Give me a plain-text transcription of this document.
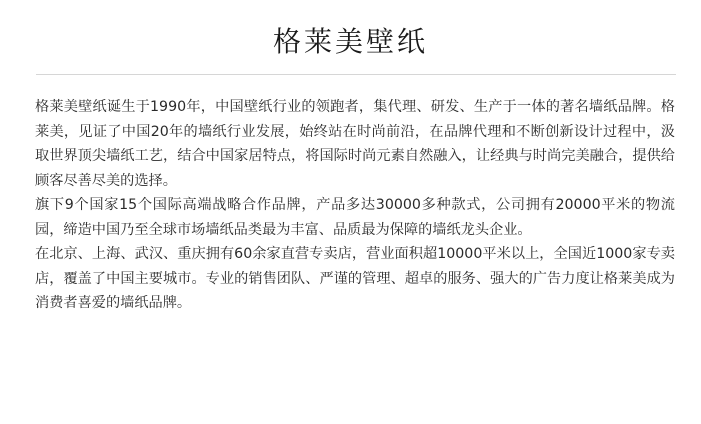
格莱美壁纸

格莱美壁纸诞生于1990年，中国壁纸行业的领跑者，集代理、研发、生产于一体的著名墙纸品牌。格莱美，见证了中国20年的墙纸行业发展，始终站在时尚前沿，在品牌代理和不断创新设计过程中，汲取世界顶尖墙纸工艺，结合中国家居特点，将国际时尚元素自然融入，让经典与时尚完美融合，提供给顾客尽善尽美的选择。

旗下9个国家15个国际高端战略合作品牌，产品多达30000多种款式，公司拥有20000平米的物流园，缔造中国乃至全球市场墙纸品类最为丰富、品质最为保障的墙纸龙头企业。

在北京、上海、武汉、重庆拥有60余家直营专卖店，营业面积超10000平米以上，全国近1000家专卖店，覆盖了中国主要城市。专业的销售团队、严谨的管理、超卓的服务、强大的广告力度让格莱美成为消费者喜爱的墙纸品牌。
